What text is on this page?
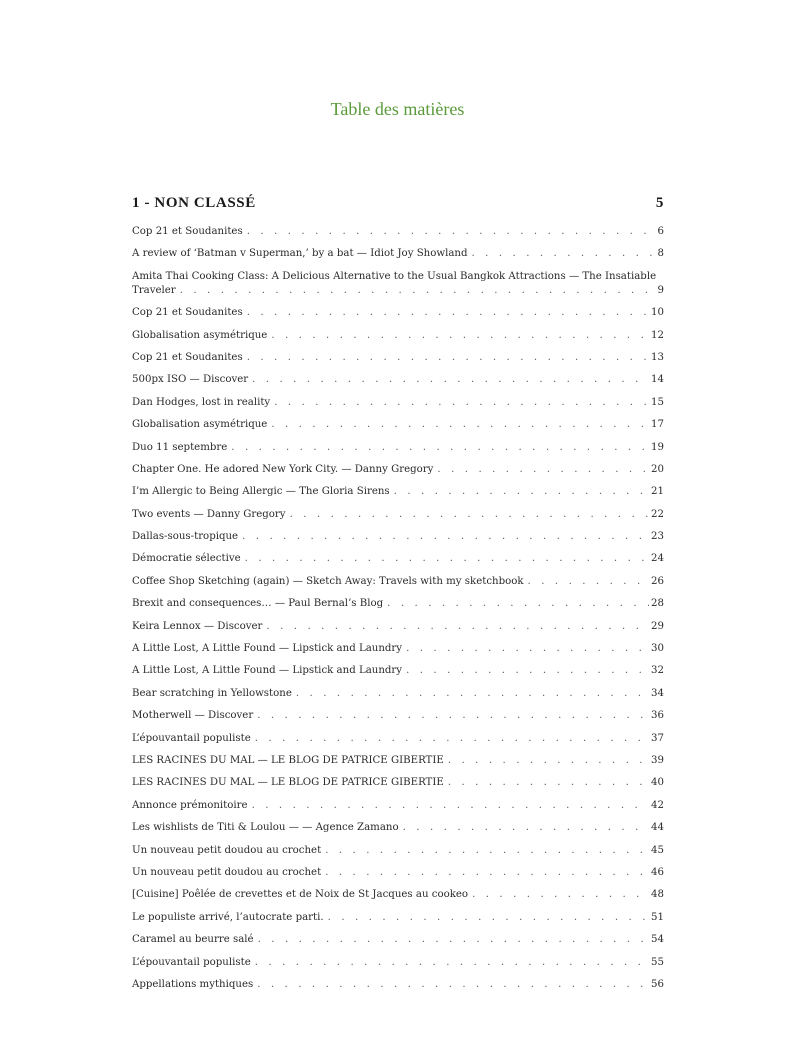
Table des matières
1 - NON CLASSÉ	5
Cop 21 et Soudanites . . .	6
A review of ‘Batman v Superman,’ by a bat — Idiot Joy Showland . . .	8
Amita Thai Cooking Class: A Delicious Alternative to the Usual Bangkok Attractions — The Insatiable
Traveler . . .	9
Cop 21 et Soudanites . . .	10
Globalisation asymétrique . . .	12
Cop 21 et Soudanites . . .	13
500px ISO — Discover . . .	14
Dan Hodges, lost in reality . . .	15
Globalisation asymétrique . . .	17
Duo 11 septembre . . .	19
Chapter One. He adored New York City. — Danny Gregory . . .	20
I’m Allergic to Being Allergic — The Gloria Sirens . . .	21
Two events — Danny Gregory . . .	22
Dallas-sous-tropique . . .	23
Démocratie sélective . . .	24
Coffee Shop Sketching (again) — Sketch Away: Travels with my sketchbook . . .	26
Brexit and consequences… — Paul Bernal’s Blog . . .	28
Keira Lennox — Discover . . .	29
A Little Lost, A Little Found — Lipstick and Laundry . . .	30
A Little Lost, A Little Found — Lipstick and Laundry . . .	32
Bear scratching in Yellowstone . . .	34
Motherwell — Discover . . .	36
L’épouvantail populiste . . .	37
LES RACINES DU MAL — LE BLOG DE PATRICE GIBERTIE . . .	39
LES RACINES DU MAL — LE BLOG DE PATRICE GIBERTIE . . .	40
Annonce prémonitoire . . .	42
Les wishlists de Titi & Loulou — — Agence Zamano . . .	44
Un nouveau petit doudou au crochet . . .	45
Un nouveau petit doudou au crochet . . .	46
[Cuisine] Poêlée de crevettes et de Noix de St Jacques au cookeo . . .	48
Le populiste arrivé, l’autocrate parti. . . .	51
Caramel au beurre salé . . .	54
L’épouvantail populiste . . .	55
Appellations mythiques . . .	56
